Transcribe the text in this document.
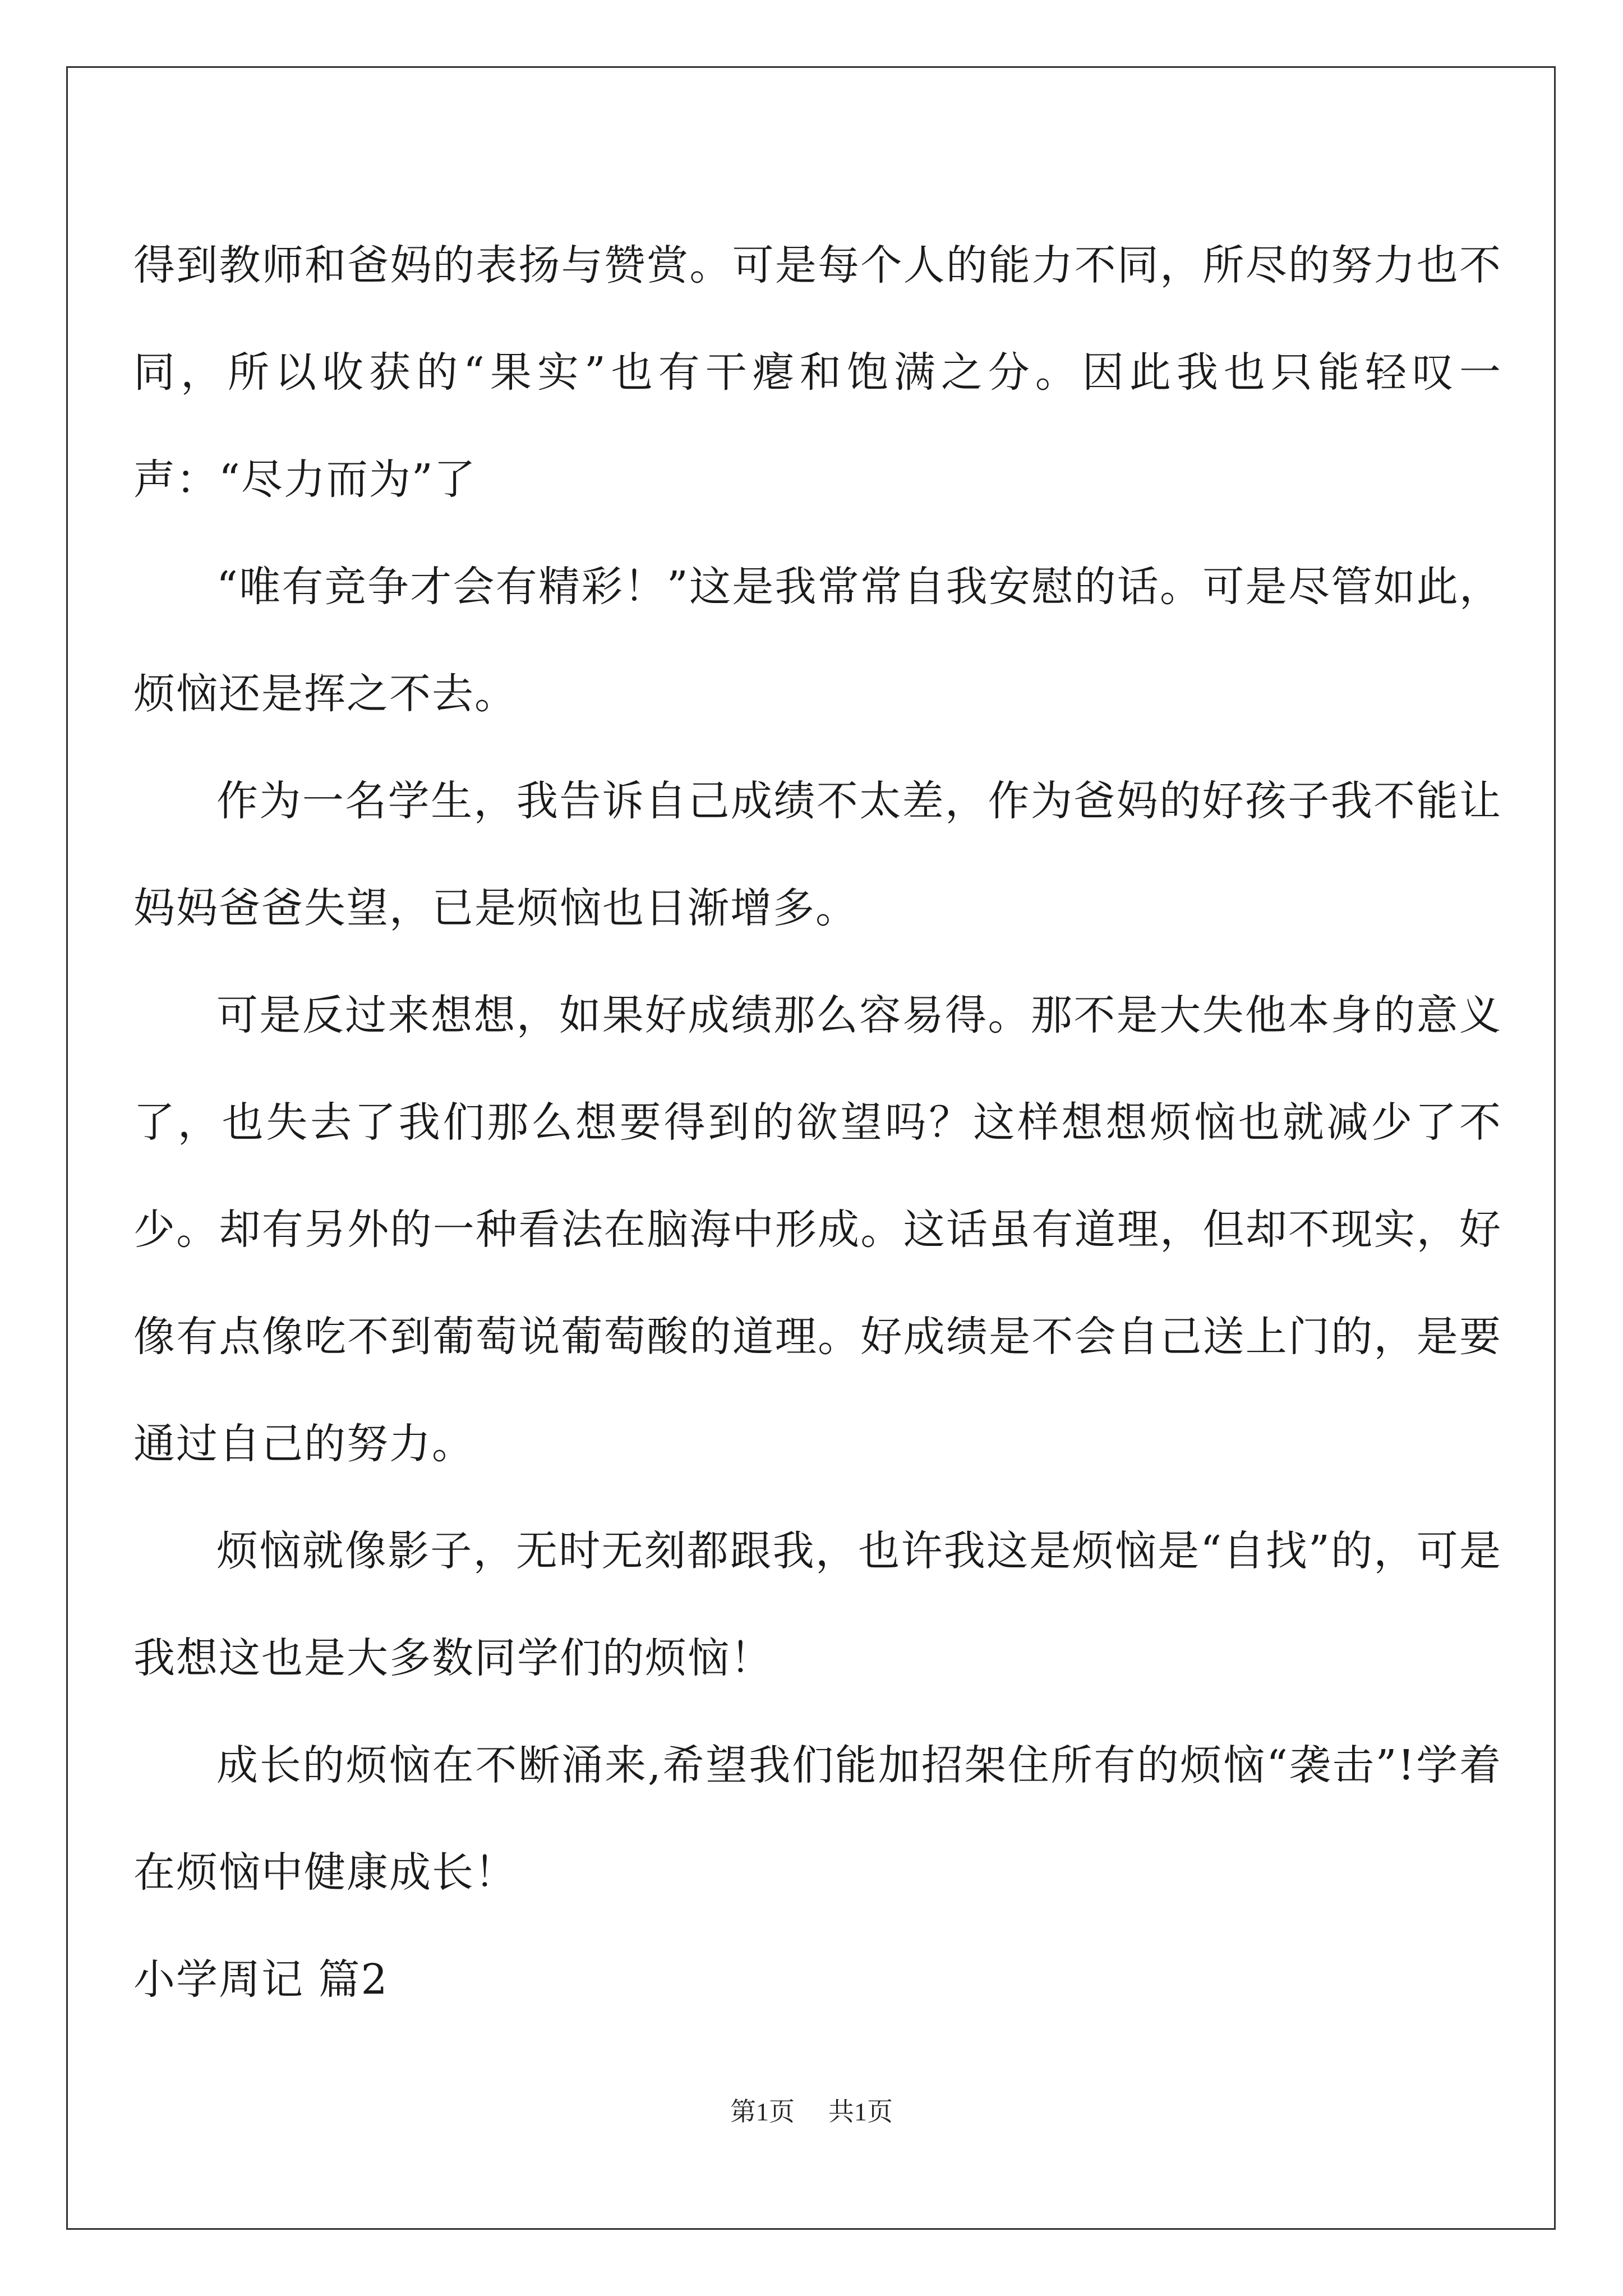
得到教师和爸妈的表扬与赞赏。可是每个人的能力不同，所尽的努力也不同，所以收获的“果实”也有干瘪和饱满之分。因此我也只能轻叹一声：“尽力而为”了

“唯有竞争才会有精彩！”这是我常常自我安慰的话。可是尽管如此，烦恼还是挥之不去。

作为一名学生，我告诉自己成绩不太差，作为爸妈的好孩子我不能让妈妈爸爸失望，已是烦恼也日渐增多。

可是反过来想想，如果好成绩那么容易得。那不是大失他本身的意义了，也失去了我们那么想要得到的欲望吗？这样想想烦恼也就减少了不少。却有另外的一种看法在脑海中形成。这话虽有道理，但却不现实，好像有点像吃不到葡萄说葡萄酸的道理。好成绩是不会自己送上门的，是要通过自己的努力。

烦恼就像影子，无时无刻都跟我，也许我这是烦恼是“自找”的，可是我想这也是大多数同学们的烦恼！

成长的烦恼在不断涌来,希望我们能加招架住所有的烦恼“袭击”!学着在烦恼中健康成长！

小学周记 篇2

第1页 共1页
